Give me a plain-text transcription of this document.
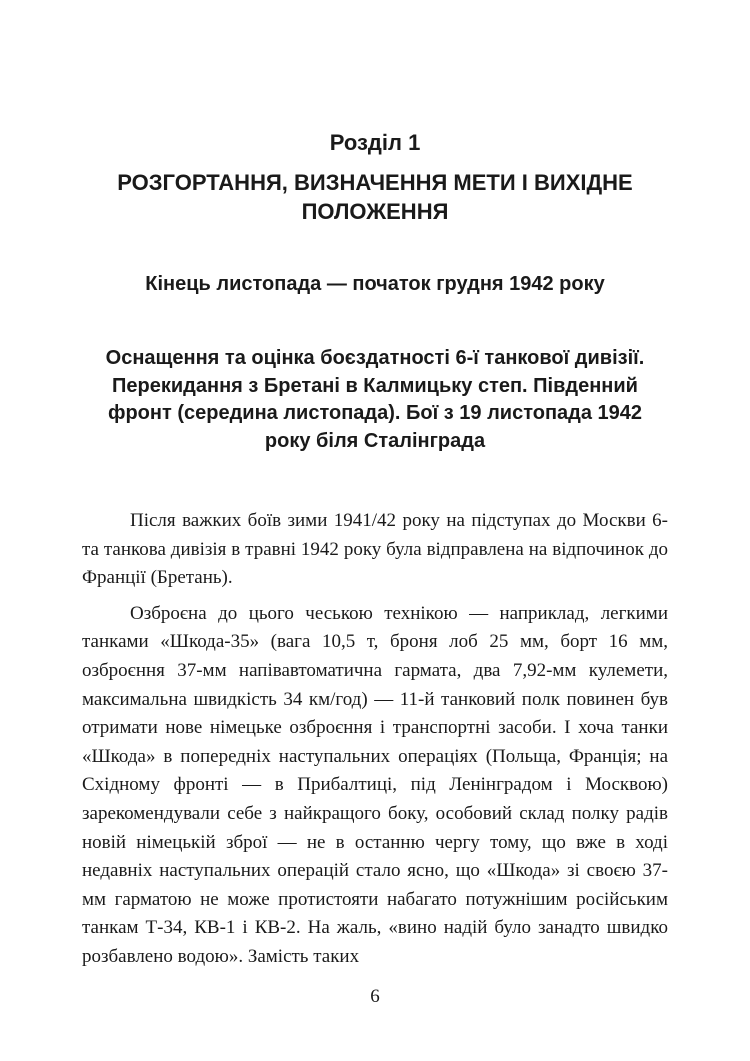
Розділ 1
РОЗГОРТАННЯ, ВИЗНАЧЕННЯ МЕТИ І ВИХІДНЕ ПОЛОЖЕННЯ
Кінець листопада — початок грудня 1942 року
Оснащення та оцінка боєздатності 6-ї танкової дивізії. Перекидання з Бретані в Калмицьку степ. Південний фронт (середина листопада). Бої з 19 листопада 1942 року біля Сталінграда

Після важких боїв зими 1941/42 року на підступах до Москви 6-та танкова дивізія в травні 1942 року була відправлена на відпочинок до Франції (Бретань).

Озброєна до цього чеською технікою — наприклад, легкими танками «Шкода-35» (вага 10,5 т, броня лоб 25 мм, борт 16 мм, озброєння 37-мм напівавтоматична гармата, два 7,92-мм кулемети, максимальна швидкість 34 км/год) — 11-й танковий полк повинен був отримати нове німецьке озброєння і транспортні засоби. І хоча танки «Шкода» в попередніх наступальних операціях (Польща, Франція; на Східному фронті — в Прибалтиці, під Ленінградом і Москвою) зарекомендували себе з найкращого боку, особовий склад полку радів новій німецькій зброї — не в останню чергу тому, що вже в ході недавніх наступальних операцій стало ясно, що «Шкода» зі своєю 37-мм гарматою не може протистояти набагато потужнішим російським танкам Т-34, КВ-1 і КВ-2. На жаль, «вино надій було занадто швидко розбавлено водою». Замість таких

6
